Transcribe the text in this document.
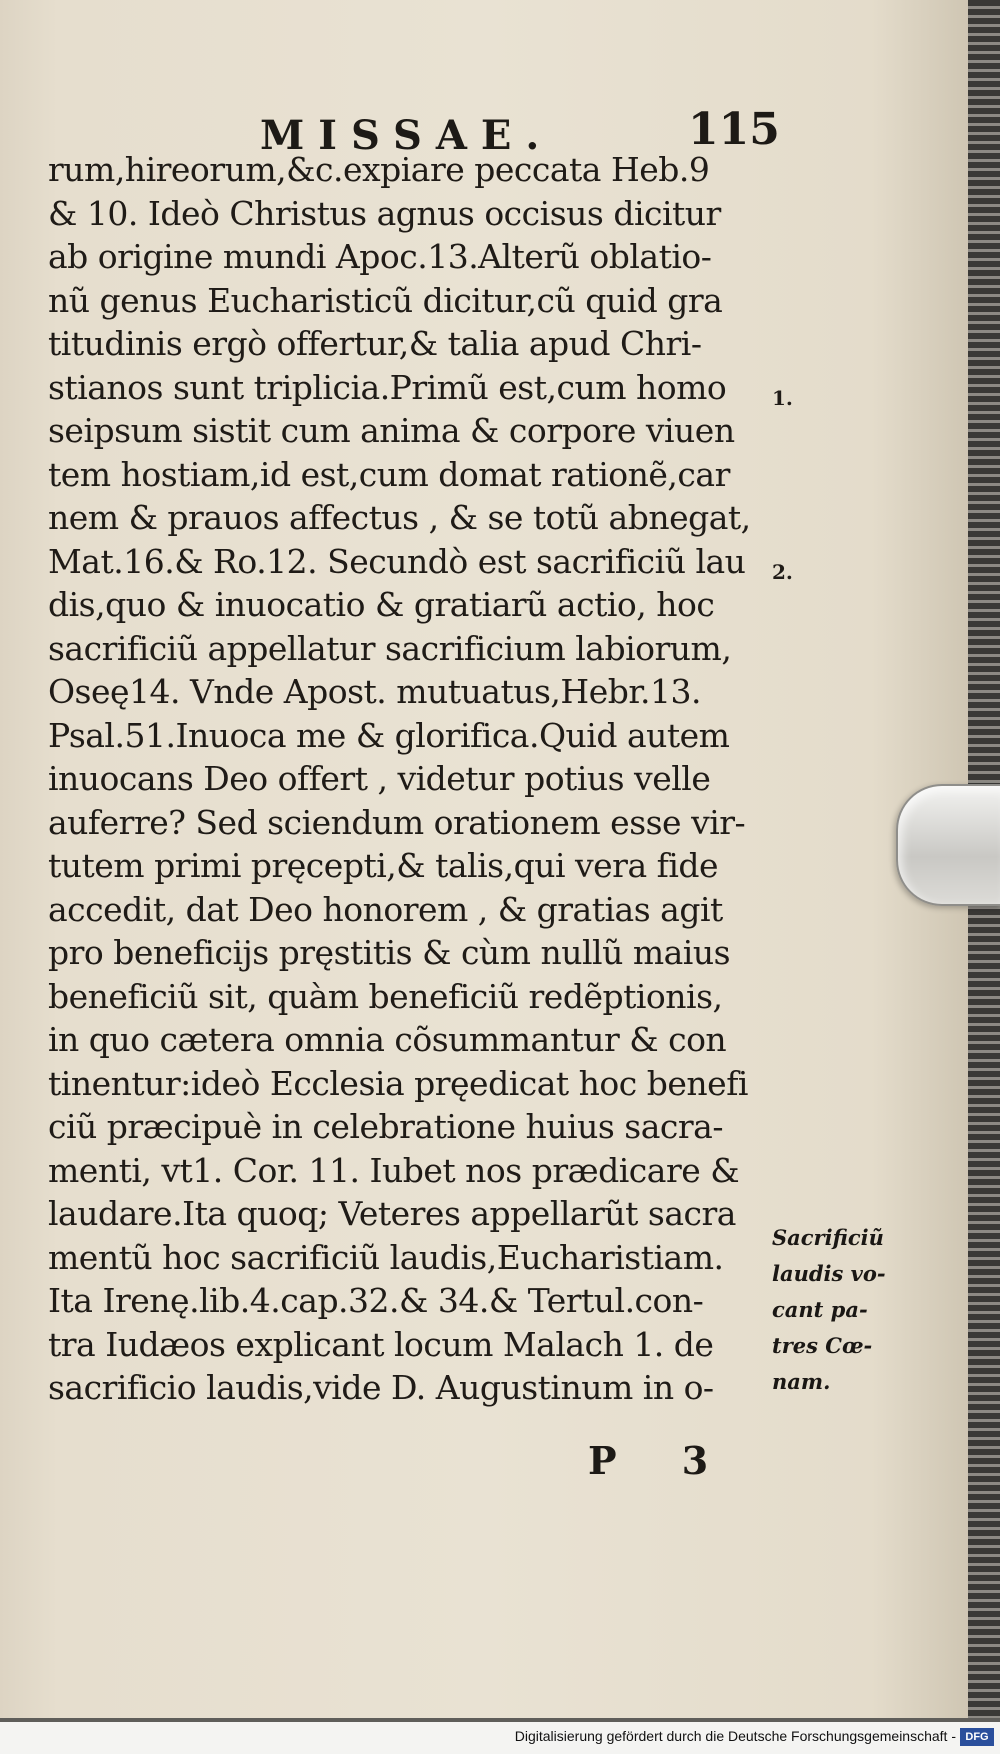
MISSAE.	115
rum,hireorum,&c.expiare peccata Heb.9
& 10. Ideò Christus agnus occisus dicitur
ab origine mundi Apoc.13.Alterũ oblatio-
nũ genus Eucharisticũ dicitur,cũ quid gra
titudinis ergò offertur,& talia apud Chri-
stianos sunt triplicia.Primũ est,cum homo
seipsum sistit cum anima & corpore viuen
tem hostiam,id est,cum domat rationẽ,car
nem & prauos affectus , & se totũ abnegat,
Mat.16.& Ro.12. Secundò est sacrificiũ lau
dis,quo & inuocatio & gratiarũ actio, hoc
sacrificiũ appellatur sacrificium labiorum,
Oseę14. Vnde Apost. mutuatus,Hebr.13.
Psal.51.Inuoca me & glorifica.Quid autem
inuocans Deo offert , videtur potius velle
auferre? Sed sciendum orationem esse vir-
tutem primi pręcepti,& talis,qui vera fide
accedit, dat Deo honorem , & gratias agit
pro beneficijs pręstitis & cùm nullũ maius
beneficiũ sit, quàm beneficiũ redẽptionis,
in quo cætera omnia cõsummantur & con
tinentur:ideò Ecclesia pręedicat hoc benefi
ciũ præcipuè in celebratione huius sacra-
menti, vt1. Cor. 11. Iubet nos prædicare &
laudare.Ita quoq; Veteres appellarũt sacra
mentũ hoc sacrificiũ laudis,Eucharistiam.
Ita Irenę.lib.4.cap.32.& 34.& Tertul.con-
tra Iudæos explicant locum Malach 1. de
sacrificio laudis,vide D. Augustinum in o-
1.
2.
Sacrificiũ
laudis vo-
cant pa-
tres Cœ-
nam.
P 3
Digitalisierung gefördert durch die Deutsche Forschungsgemeinschaft - DFG
